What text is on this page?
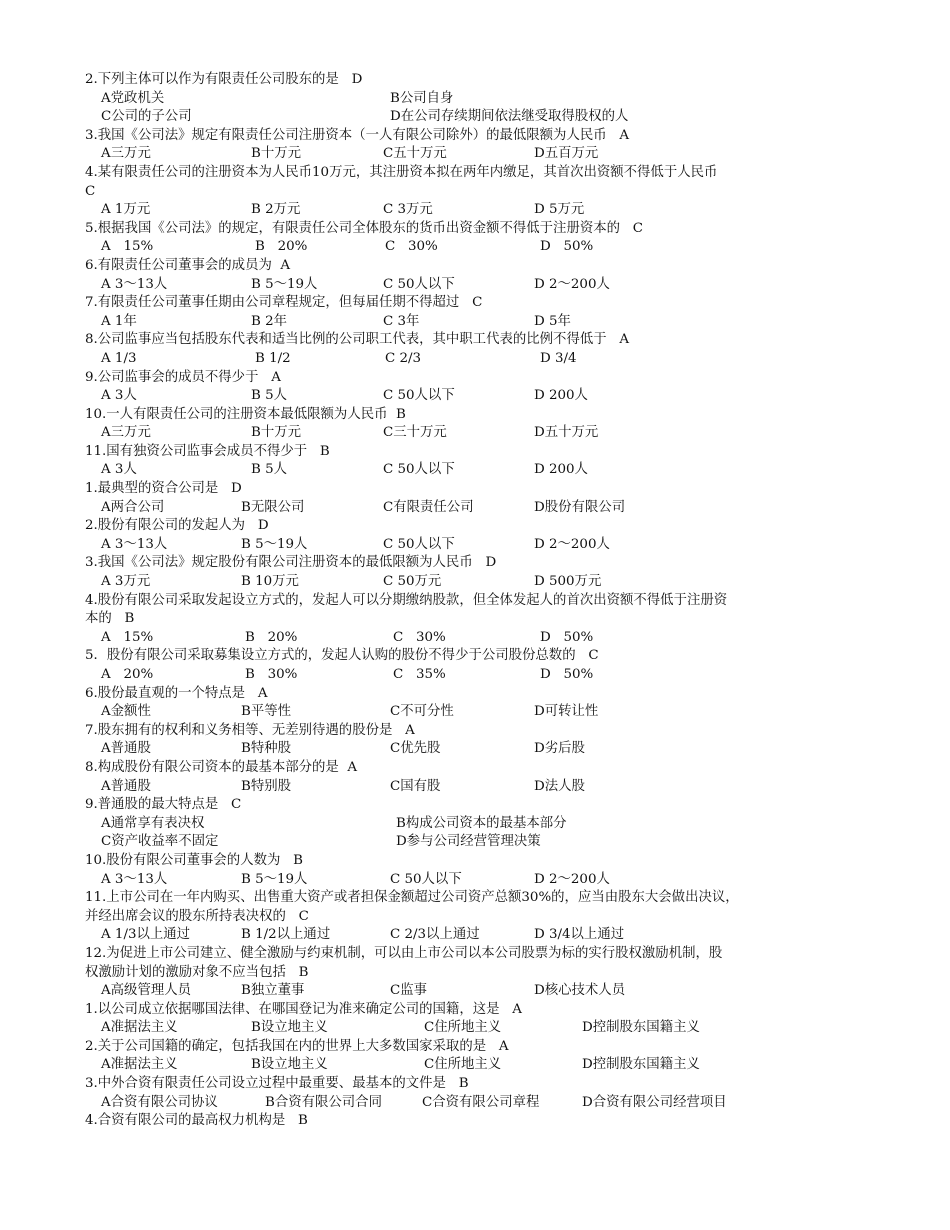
2.下列主体可以作为有限责任公司股东的是   D
A党政机关	B公司自身
C公司的子公司	D在公司存续期间依法继受取得股权的人
3.我国《公司法》规定有限责任公司注册资本（一人有限公司除外）的最低限额为人民币   A
A三万元	B十万元	C五十万元	D五百万元
4.某有限责任公司的注册资本为人民币10万元，其注册资本拟在两年内缴足，其首次出资额不得低于人民币
C
A 1万元	B 2万元	C 3万元	D 5万元
5.根据我国《公司法》的规定，有限责任公司全体股东的货币出资金额不得低于注册资本的   C
A   15%	B   20%	C   30%	D   50%
6.有限责任公司董事会的成员为  A
A 3～13人	B 5～19人	C 50人以下	D 2～200人
7.有限责任公司董事任期由公司章程规定，但每届任期不得超过   C
A 1年	B 2年	C 3年	D 5年
8.公司监事应当包括股东代表和适当比例的公司职工代表，其中职工代表的比例不得低于   A
A 1/3	B 1/2	C 2/3	D 3/4
9.公司监事会的成员不得少于   A
A 3人	B 5人	C 50人以下	D 200人
10.一人有限责任公司的注册资本最低限额为人民币  B
A三万元	B十万元	C三十万元	D五十万元
11.国有独资公司监事会成员不得少于   B
A 3人	B 5人	C 50人以下	D 200人
1.最典型的资合公司是   D
A两合公司	B无限公司	C有限责任公司	D股份有限公司
2.股份有限公司的发起人为   D
A 3～13人	B 5～19人	C 50人以下	D 2～200人
3.我国《公司法》规定股份有限公司注册资本的最低限额为人民币   D
A 3万元	B 10万元	C 50万元	D 500万元
4.股份有限公司采取发起设立方式的，发起人可以分期缴纳股款，但全体发起人的首次出资额不得低于注册资
本的   B
A   15%	B   20%	C   30%	D   50%
5．股份有限公司采取募集设立方式的，发起人认购的股份不得少于公司股份总数的   C
A   20%	B   30%	C   35%	D   50%
6.股份最直观的一个特点是   A
A金额性	B平等性	C不可分性	D可转让性
7.股东拥有的权利和义务相等、无差别待遇的股份是   A
A普通股	B特种股	C优先股	D劣后股
8.构成股份有限公司资本的最基本部分的是  A
A普通股	B特别股	C国有股	D法人股
9.普通股的最大特点是   C
A通常享有表决权	B构成公司资本的最基本部分
C资产收益率不固定	D参与公司经营管理决策
10.股份有限公司董事会的人数为   B
A 3～13人	B 5～19人	C 50人以下	D 2～200人
11.上市公司在一年内购买、出售重大资产或者担保金额超过公司资产总额30%的，应当由股东大会做出决议，
并经出席会议的股东所持表决权的   C
A 1/3以上通过	B 1/2以上通过	C 2/3以上通过	D 3/4以上通过
12.为促进上市公司建立、健全激励与约束机制，可以由上市公司以本公司股票为标的实行股权激励机制，股
权激励计划的激励对象不应当包括   B
A高级管理人员	B独立董事	C监事	D核心技术人员
1.以公司成立依据哪国法律、在哪国登记为准来确定公司的国籍，这是   A
A准据法主义	B设立地主义	C住所地主义	D控制股东国籍主义
2.关于公司国籍的确定，包括我国在内的世界上大多数国家采取的是   A
A准据法主义	B设立地主义	C住所地主义	D控制股东国籍主义
3.中外合资有限责任公司设立过程中最重要、最基本的文件是   B
A合资有限公司协议	B合资有限公司合同	C合资有限公司章程	D合资有限公司经营项目
4.合资有限公司的最高权力机构是   B
